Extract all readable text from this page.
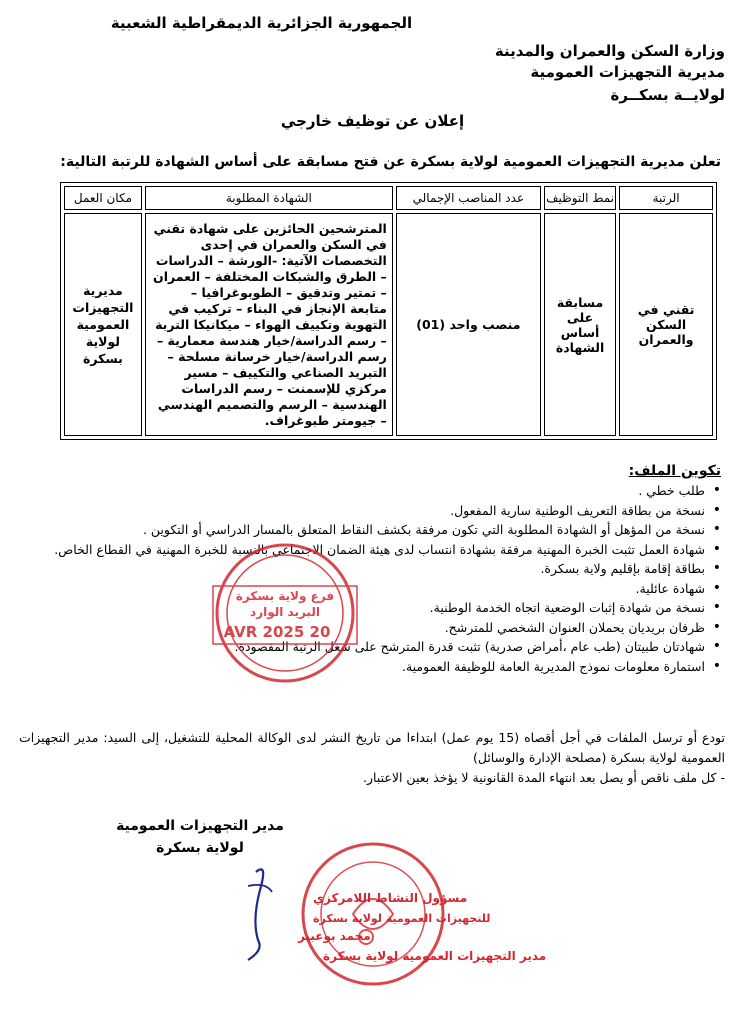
الجمهورية الجزائرية الديمقراطية الشعبية
وزارة السكن والعمران والمدينة
مديرية التجهيزات العمومية
لولايــة بسكــرة
إعلان عن توظيف خارجي
تعلن مديرية التجهيزات العمومية لولاية بسكرة عن فتح مسابقة على أساس الشهادة للرتبة التالية:
الرتبة	نمط التوظيف	عدد المناصب الإجمالي	الشهادة المطلوبة	مكان العمل
تقني في السكن والعمران	مسابقة على أساس الشهادة	منصب واحد (01)	المترشحين الحائزين على شهادة تقني في السكن والعمران في إحدى التخصصات الآتية: -الورشة – الدراسات – الطرق والشبكات المختلفة – العمران – تمتير وتدقيق – الطوبوغرافيا – متابعة الإنجاز في البناء – تركيب في التهوية وتكييف الهواء – ميكانيكا التربة – رسم الدراسة/خيار هندسة معمارية – رسم الدراسة/خيار خرسانة مسلحة – التبريد الصناعي والتكييف – مسير مركزي للإسمنت – رسم الدراسات الهندسية – الرسم والتصميم الهندسي – جيومتر طبوغراف.	مديرية التجهيزات العمومية لولاية بسكرة
تكوين الملف:
• طلب خطي .
• نسخة من بطاقة التعريف الوطنية سارية المفعول.
• نسخة من المؤهل أو الشهادة المطلوبة التي تكون مرفقة بكشف النقاط المتعلق بالمسار الدراسي أو التكوين .
• شهادة العمل تثبت الخبرة المهنية مرفقة بشهادة انتساب لدى هيئة الضمان الاجتماعي بالنسبة للخبرة المهنية في القطاع الخاص.
• بطاقة إقامة بإقليم ولاية بسكرة.
• شهادة عائلية.
• نسخة من شهادة إثبات الوضعية اتجاه الخدمة الوطنية.
• ظرفان بريديان يحملان العنوان الشخصي للمترشح.
• شهادتان طبيتان (طب عام ،أمراض صدرية) تثبت قدرة المترشح على شغل الرتبة المقصودة.
• استمارة معلومات نموذج المديرية العامة للوظيفة العمومية.
تودع أو ترسل الملفات في أجل أقصاه (15 يوم عمل) ابتداءا من تاريخ النشر لدى الوكالة المحلية للتشغيل، إلى السيد: مدير التجهيزات العمومية لولاية بسكرة (مصلحة الإدارة والوسائل)
- كل ملف ناقص أو يصل بعد انتهاء المدة القانونية لا يؤخذ بعين الاعتبار.
مدير التجهيزات العمومية
لولاية بسكرة
فرع ولاية بسكرة
البريد الوارد
20 AVR 2025
مسؤول النشاط اللامركزي
للتجهيزات العمومية لولاية بسكرة
محمد بوعبير
مدير التجهيزات العمومية لولاية بسكرة
